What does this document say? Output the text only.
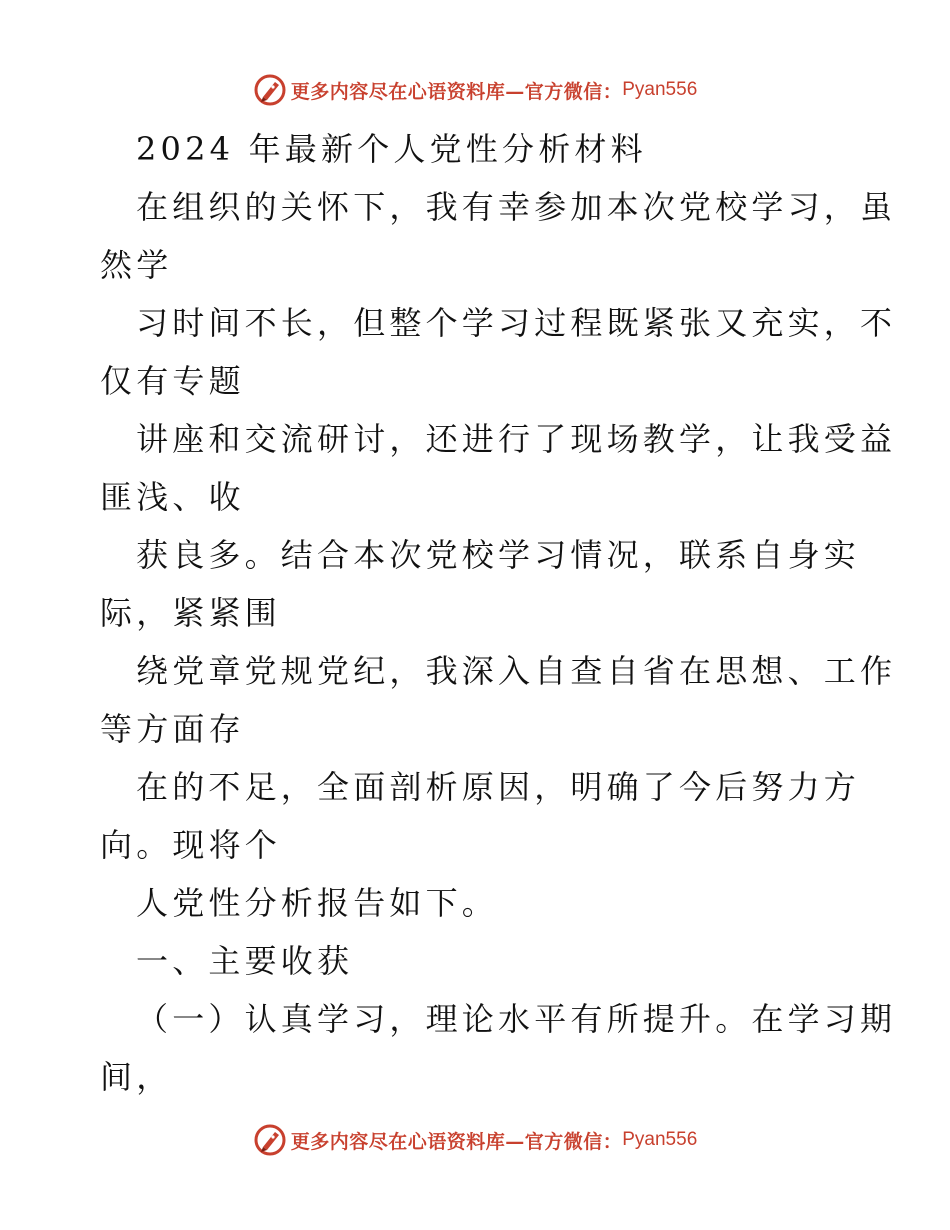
更多内容尽在心语资料库—官方微信： Pyan556
2024 年最新个人党性分析材料
在组织的关怀下，我有幸参加本次党校学习，虽
然学
习时间不长，但整个学习过程既紧张又充实，不
仅有专题
讲座和交流研讨，还进行了现场教学，让我受益
匪浅、收
获良多。结合本次党校学习情况，联系自身实
际，紧紧围
绕党章党规党纪，我深入自查自省在思想、工作
等方面存
在的不足，全面剖析原因，明确了今后努力方
向。现将个
人党性分析报告如下。
一、主要收获
（一）认真学习，理论水平有所提升。在学习期
间，
更多内容尽在心语资料库—官方微信： Pyan556
